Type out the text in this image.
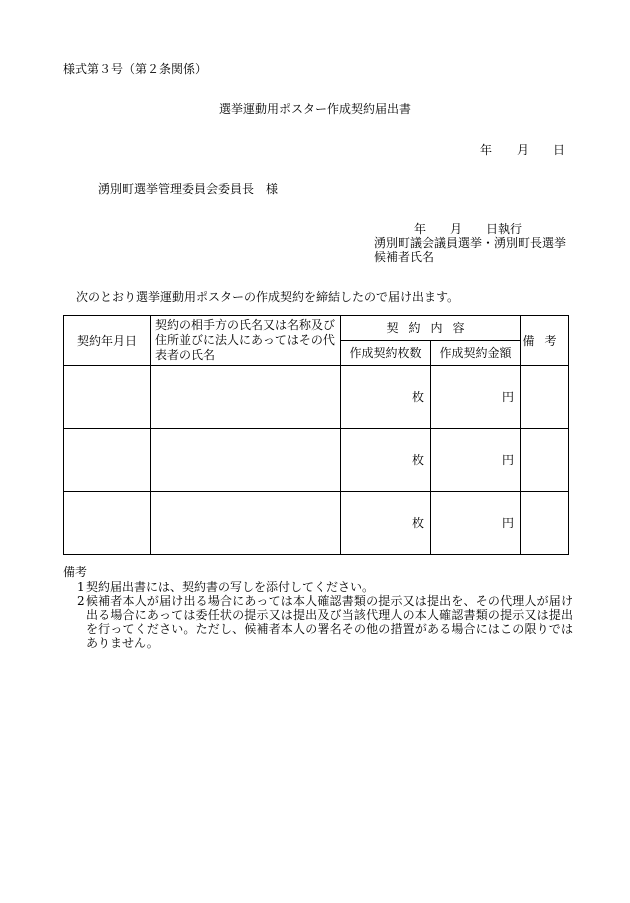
様式第３号（第２条関係）
選挙運動用ポスター作成契約届出書
年 月 日
湧別町選挙管理委員会委員長　様
年　　月　　日執行
湧別町議会議員選挙・湧別町長選挙
候補者氏名
次のとおり選挙運動用ポスターの作成契約を締結したので届け出ます。
契約年月日	契約の相手方の氏名又は名称及び住所並びに法人にあってはその代表者の氏名	契約内容		備考
		作成契約枚数	作成契約金額	
		枚	円	
		枚	円	
		枚	円	
備考
1 契約届出書には、契約書の写しを添付してください。
2 候補者本人が届け出る場合にあっては本人確認書類の提示又は提出を、その代理人が届け出る場合にあっては委任状の提示又は提出及び当該代理人の本人確認書類の提示又は提出を行ってください。ただし、候補者本人の署名その他の措置がある場合にはこの限りではありません。
